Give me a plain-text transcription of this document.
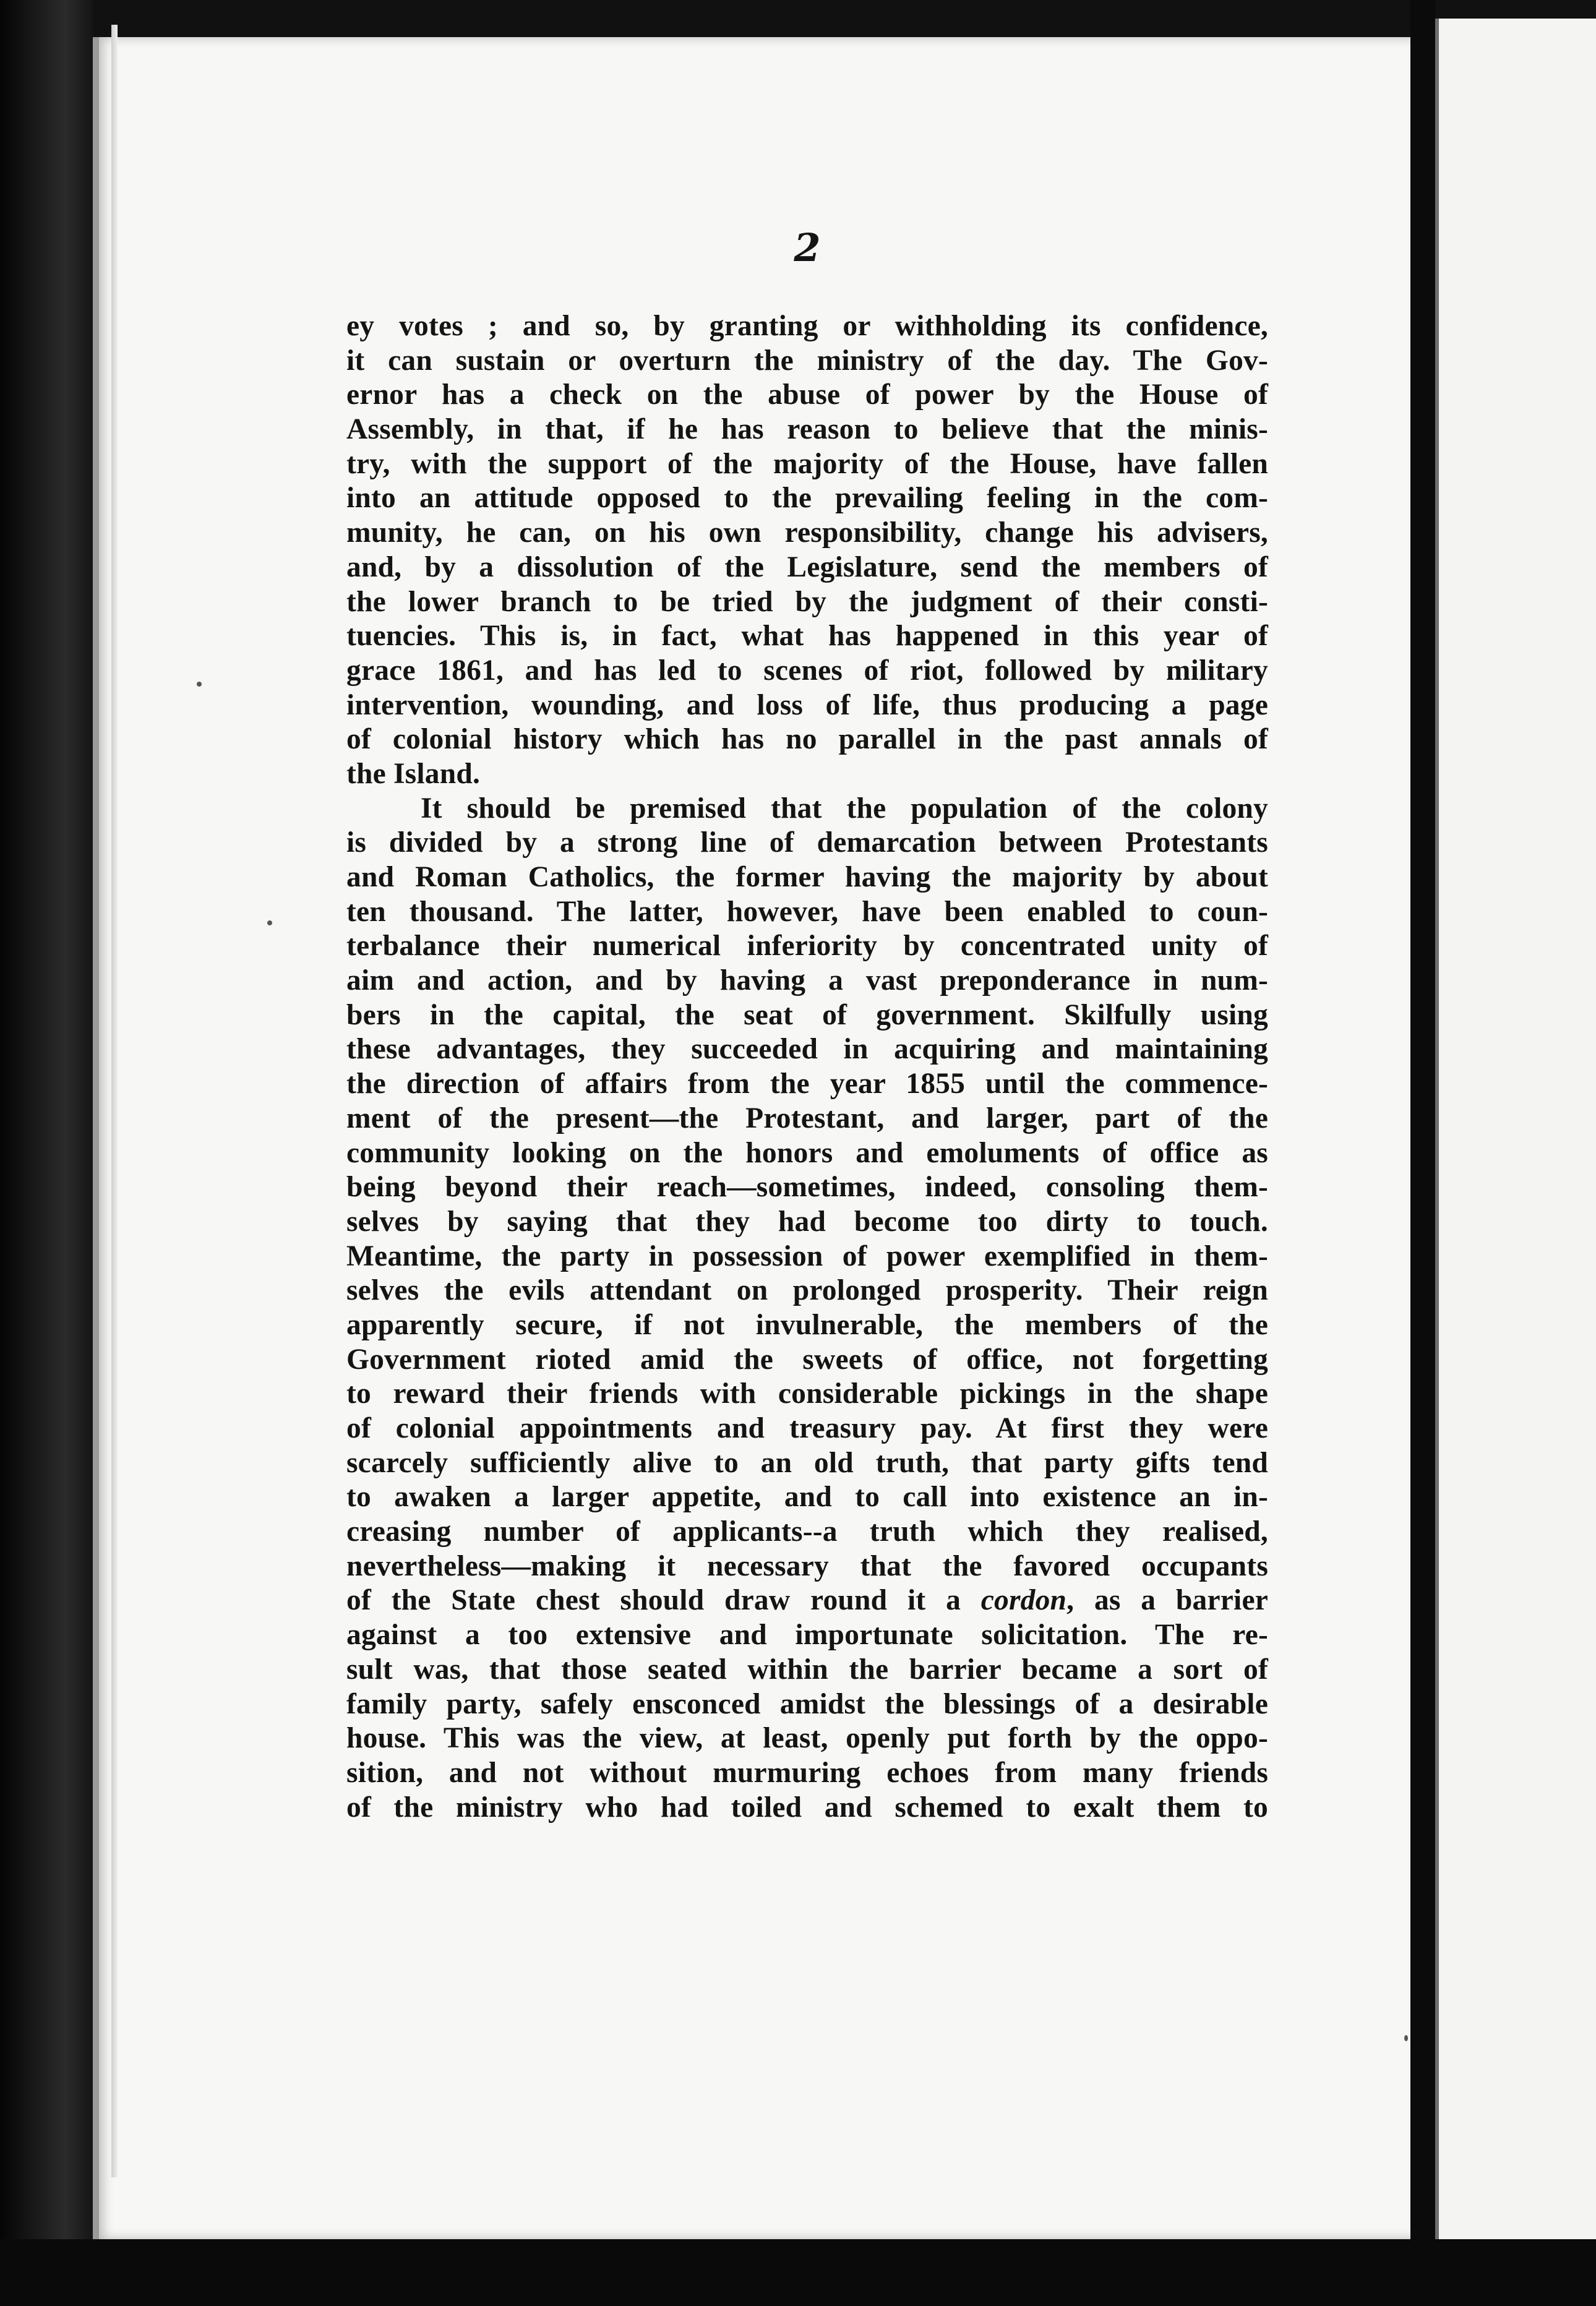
2
ey votes ; and so, by granting or withholding its confidence,
it can sustain or overturn the ministry of the day. The Gov-
ernor has a check on the abuse of power by the House of
Assembly, in that, if he has reason to believe that the minis-
try, with the support of the majority of the House, have fallen
into an attitude opposed to the prevailing feeling in the com-
munity, he can, on his own responsibility, change his advisers,
and, by a dissolution of the Legislature, send the members of
the lower branch to be tried by the judgment of their consti-
tuencies. This is, in fact, what has happened in this year of
grace 1861, and has led to scenes of riot, followed by military
intervention, wounding, and loss of life, thus producing a page
of colonial history which has no parallel in the past annals of
the Island.
It should be premised that the population of the colony
is divided by a strong line of demarcation between Protestants
and Roman Catholics, the former having the majority by about
ten thousand. The latter, however, have been enabled to coun-
terbalance their numerical inferiority by concentrated unity of
aim and action, and by having a vast preponderance in num-
bers in the capital, the seat of government. Skilfully using
these advantages, they succeeded in acquiring and maintaining
the direction of affairs from the year 1855 until the commence-
ment of the present—the Protestant, and larger, part of the
community looking on the honors and emoluments of office as
being beyond their reach—sometimes, indeed, consoling them-
selves by saying that they had become too dirty to touch.
Meantime, the party in possession of power exemplified in them-
selves the evils attendant on prolonged prosperity. Their reign
apparently secure, if not invulnerable, the members of the
Government rioted amid the sweets of office, not forgetting
to reward their friends with considerable pickings in the shape
of colonial appointments and treasury pay. At first they were
scarcely sufficiently alive to an old truth, that party gifts tend
to awaken a larger appetite, and to call into existence an in-
creasing number of applicants--a truth which they realised,
nevertheless—making it necessary that the favored occupants
of the State chest should draw round it a cordon, as a barrier
against a too extensive and importunate solicitation. The re-
sult was, that those seated within the barrier became a sort of
family party, safely ensconced amidst the blessings of a desirable
house. This was the view, at least, openly put forth by the oppo-
sition, and not without murmuring echoes from many friends
of the ministry who had toiled and schemed to exalt them to
